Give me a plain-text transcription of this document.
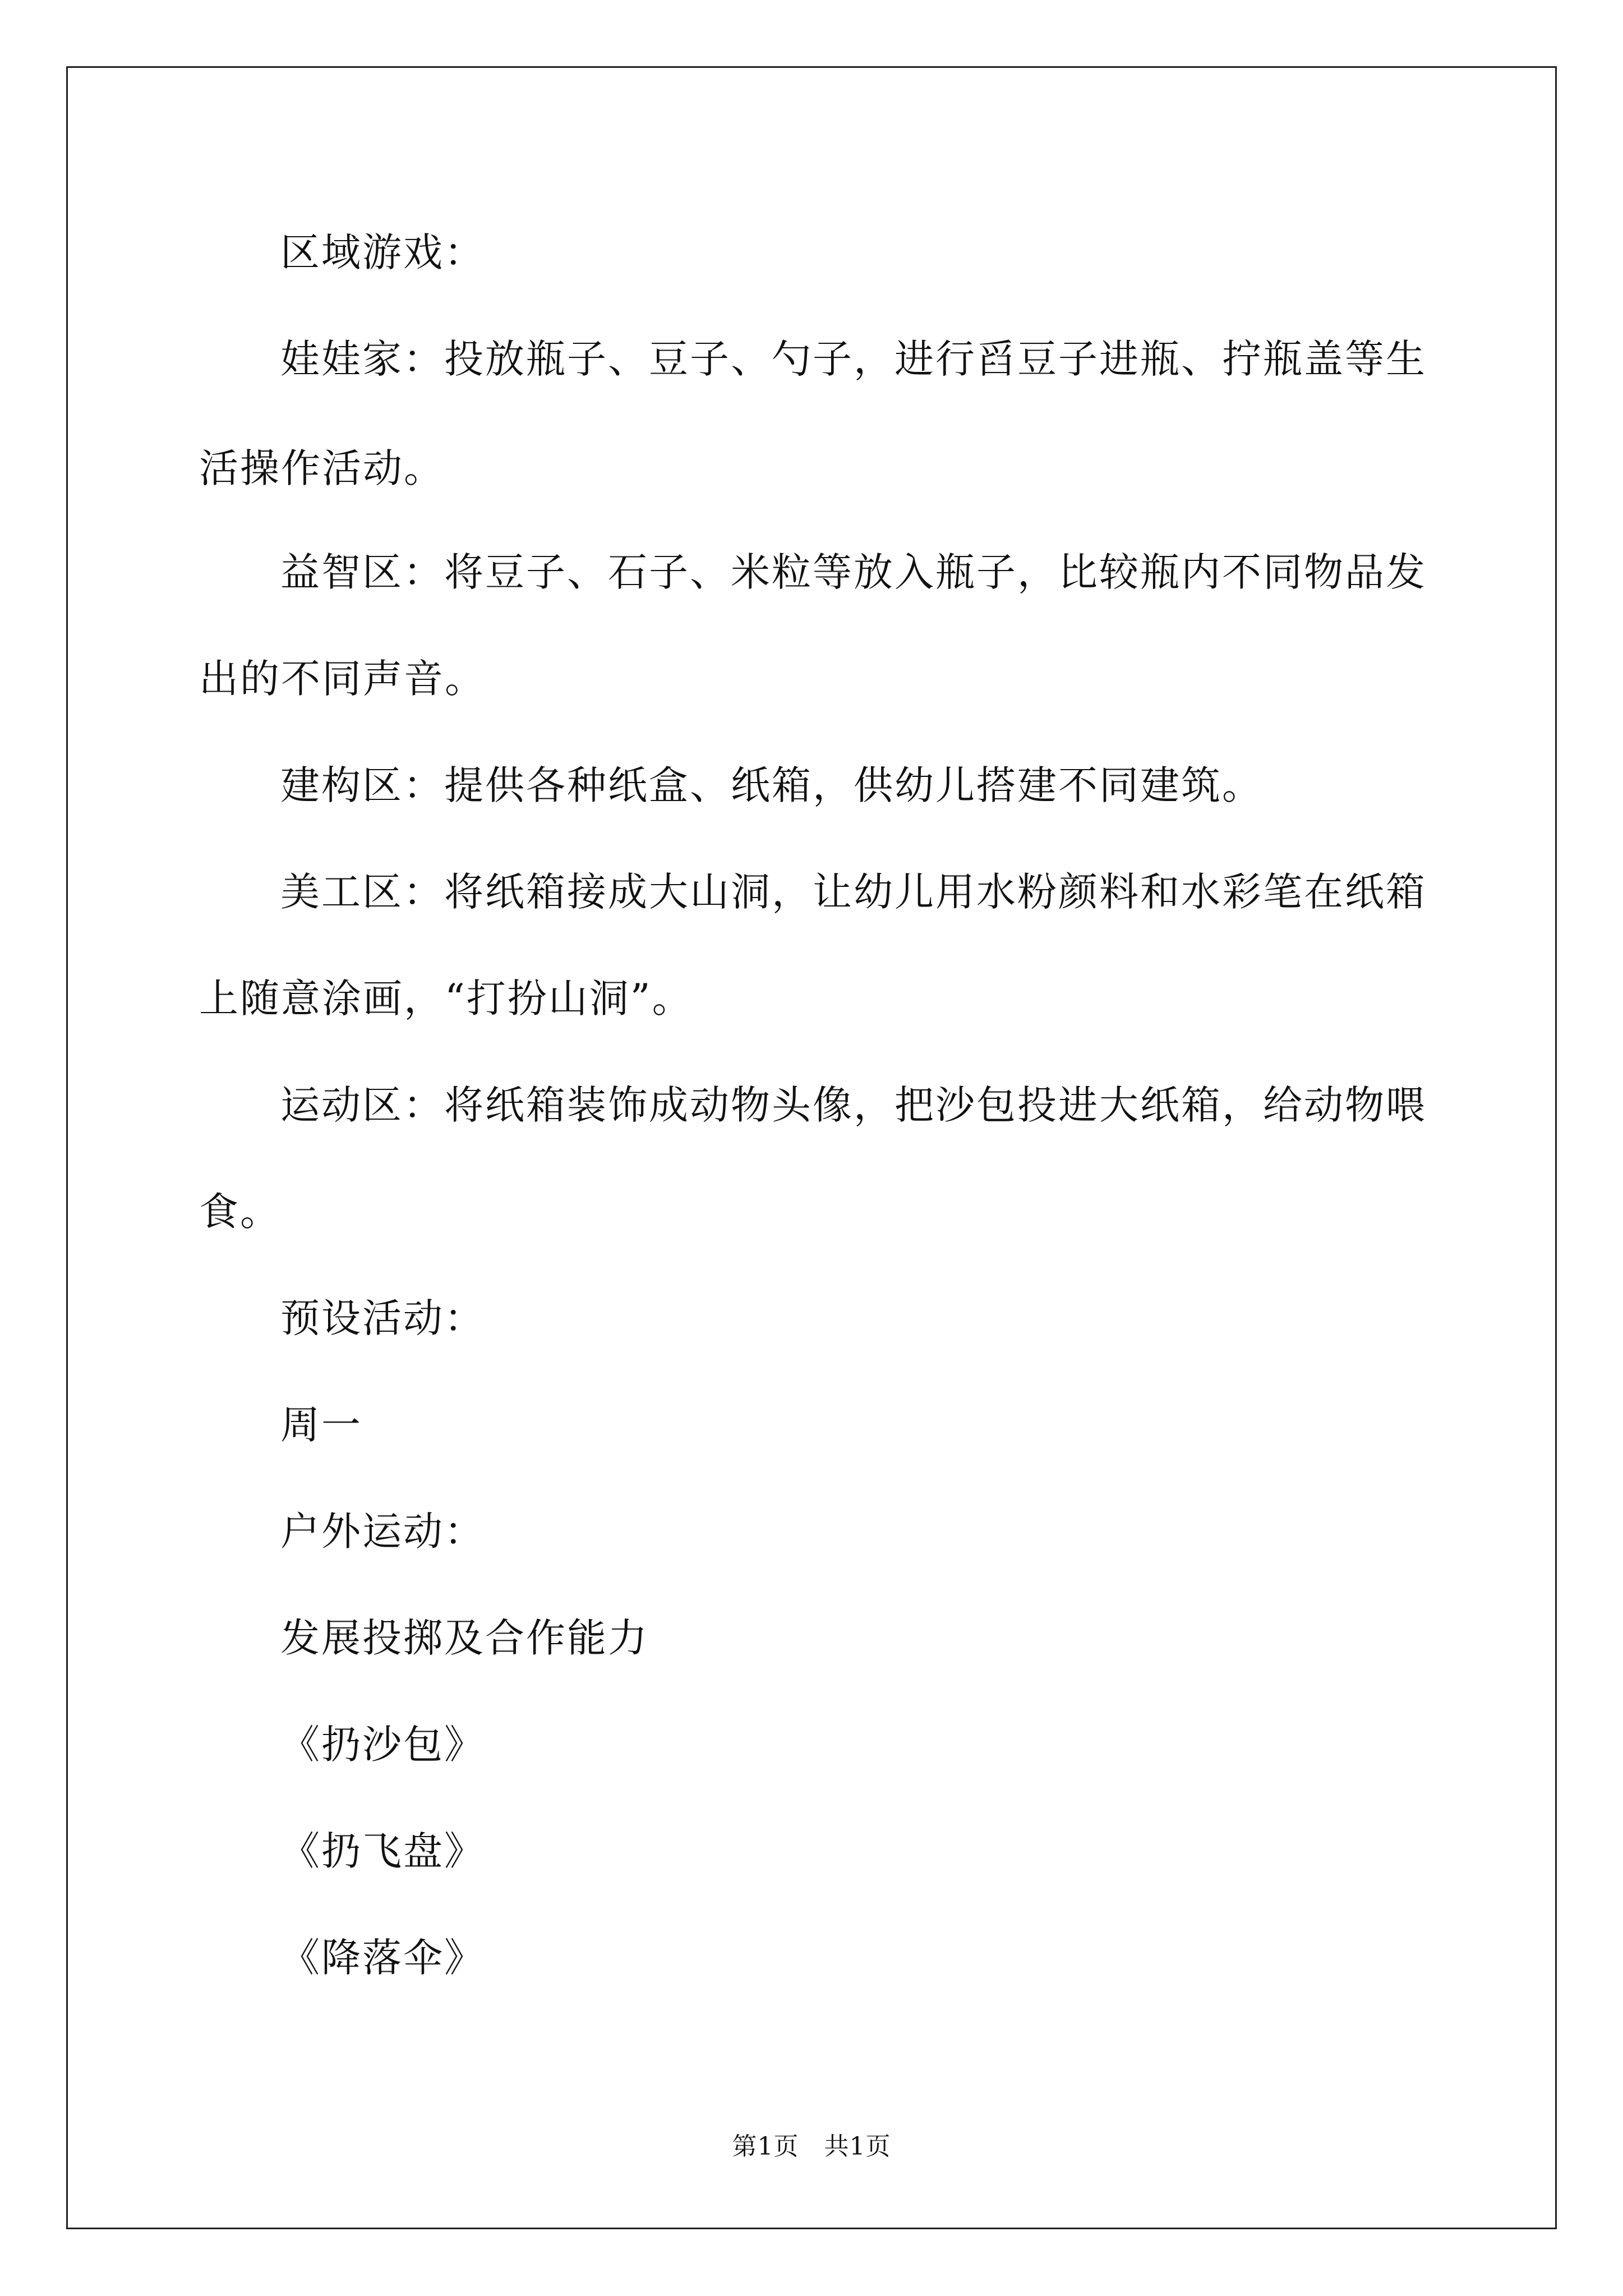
区域游戏：

娃娃家：投放瓶子、豆子、勺子，进行舀豆子进瓶、拧瓶盖等生

活操作活动。

益智区：将豆子、石子、米粒等放入瓶子，比较瓶内不同物品发

出的不同声音。

建构区：提供各种纸盒、纸箱，供幼儿搭建不同建筑。

美工区：将纸箱接成大山洞，让幼儿用水粉颜料和水彩笔在纸箱

上随意涂画，“打扮山洞”。

运动区：将纸箱装饰成动物头像，把沙包投进大纸箱，给动物喂

食。

预设活动：

周一

户外运动：

发展投掷及合作能力

《扔沙包》

《扔飞盘》

《降落伞》

第1页   共1页
